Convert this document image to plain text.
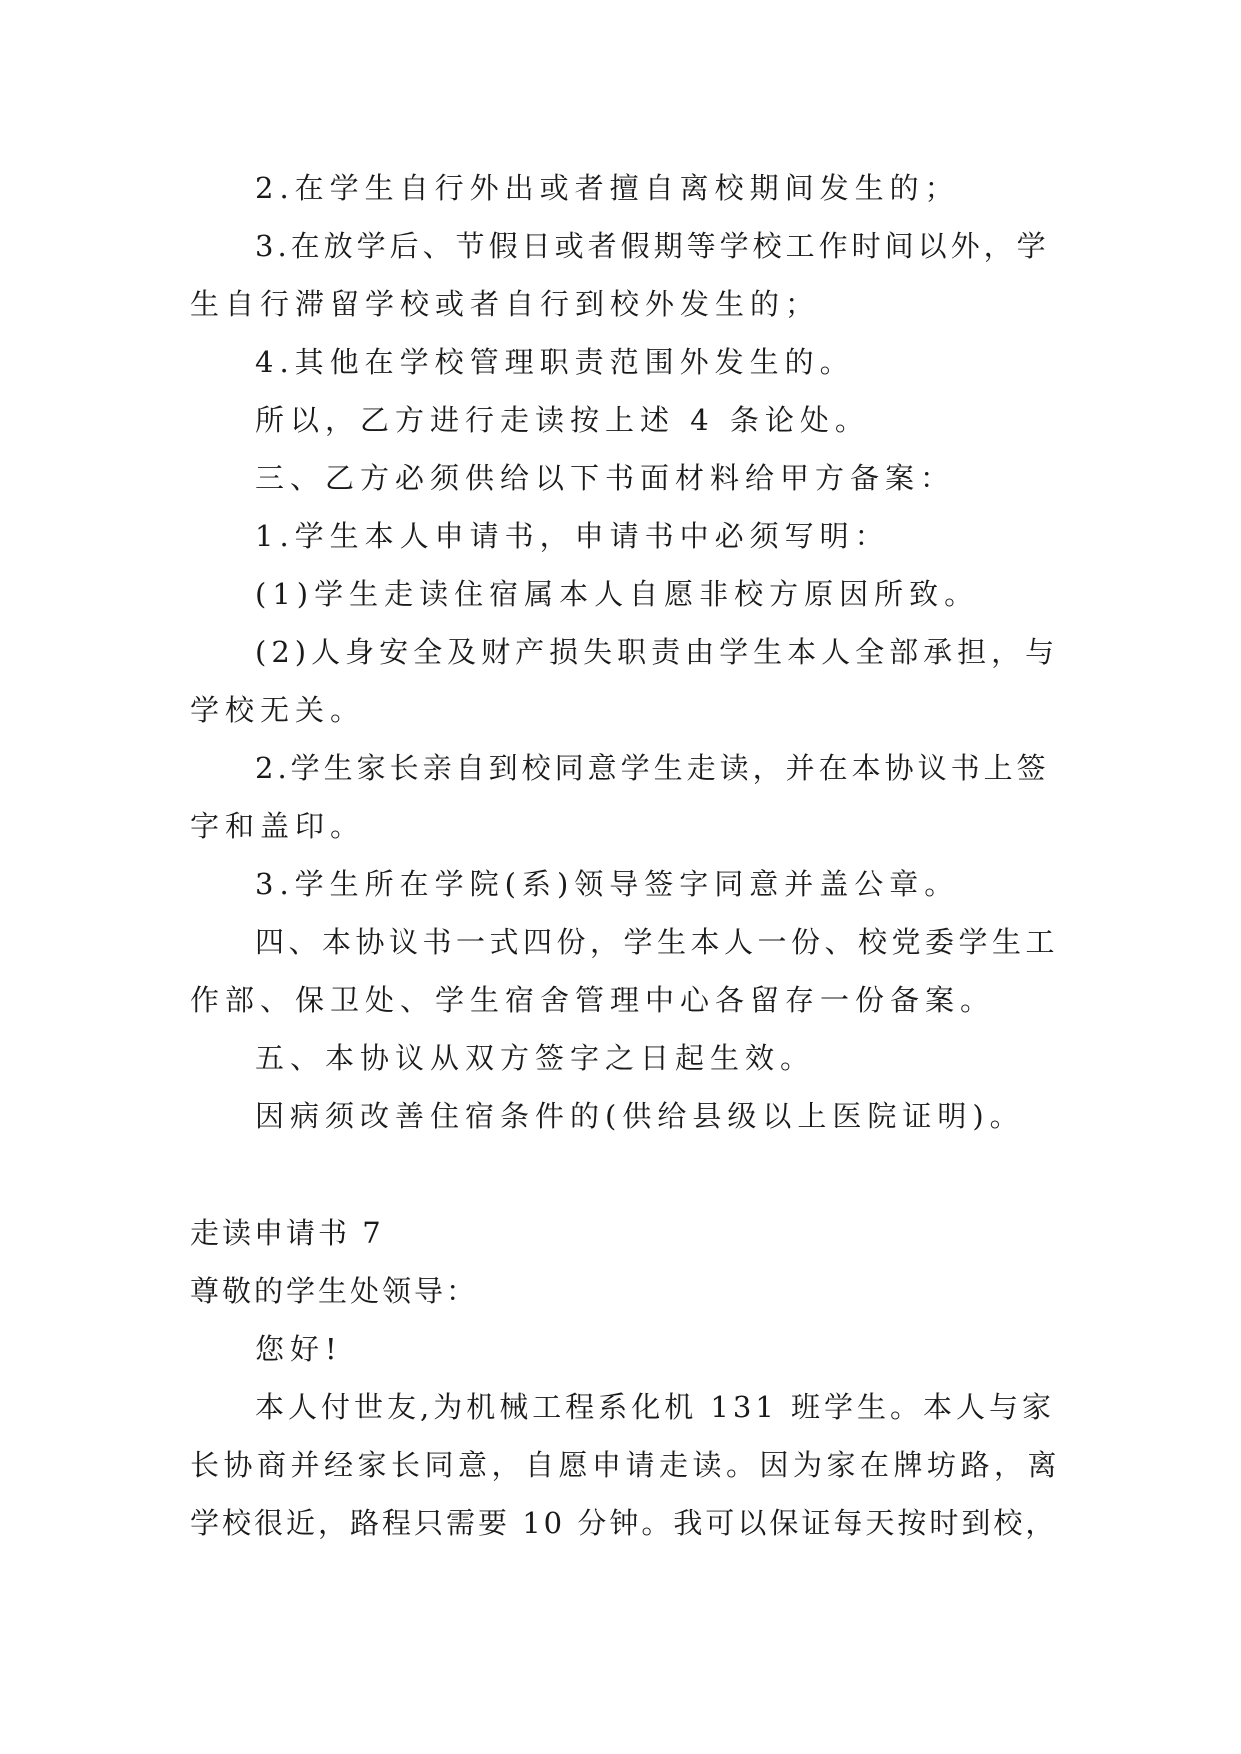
2.在学生自行外出或者擅自离校期间发生的；
3.在放学后、节假日或者假期等学校工作时间以外，学
生自行滞留学校或者自行到校外发生的；
4.其他在学校管理职责范围外发生的。
所以，乙方进行走读按上述 4 条论处。
三、乙方必须供给以下书面材料给甲方备案：
1.学生本人申请书，申请书中必须写明：
(1)学生走读住宿属本人自愿非校方原因所致。
(2)人身安全及财产损失职责由学生本人全部承担，与
学校无关。
2.学生家长亲自到校同意学生走读，并在本协议书上签
字和盖印。
3.学生所在学院(系)领导签字同意并盖公章。
四、本协议书一式四份，学生本人一份、校党委学生工
作部、保卫处、学生宿舍管理中心各留存一份备案。
五、本协议从双方签字之日起生效。
因病须改善住宿条件的(供给县级以上医院证明)。
走读申请书 7
尊敬的学生处领导：
您好!
本人付世友,为机械工程系化机 131 班学生。本人与家
长协商并经家长同意，自愿申请走读。因为家在牌坊路，离
学校很近，路程只需要 10 分钟。我可以保证每天按时到校，
